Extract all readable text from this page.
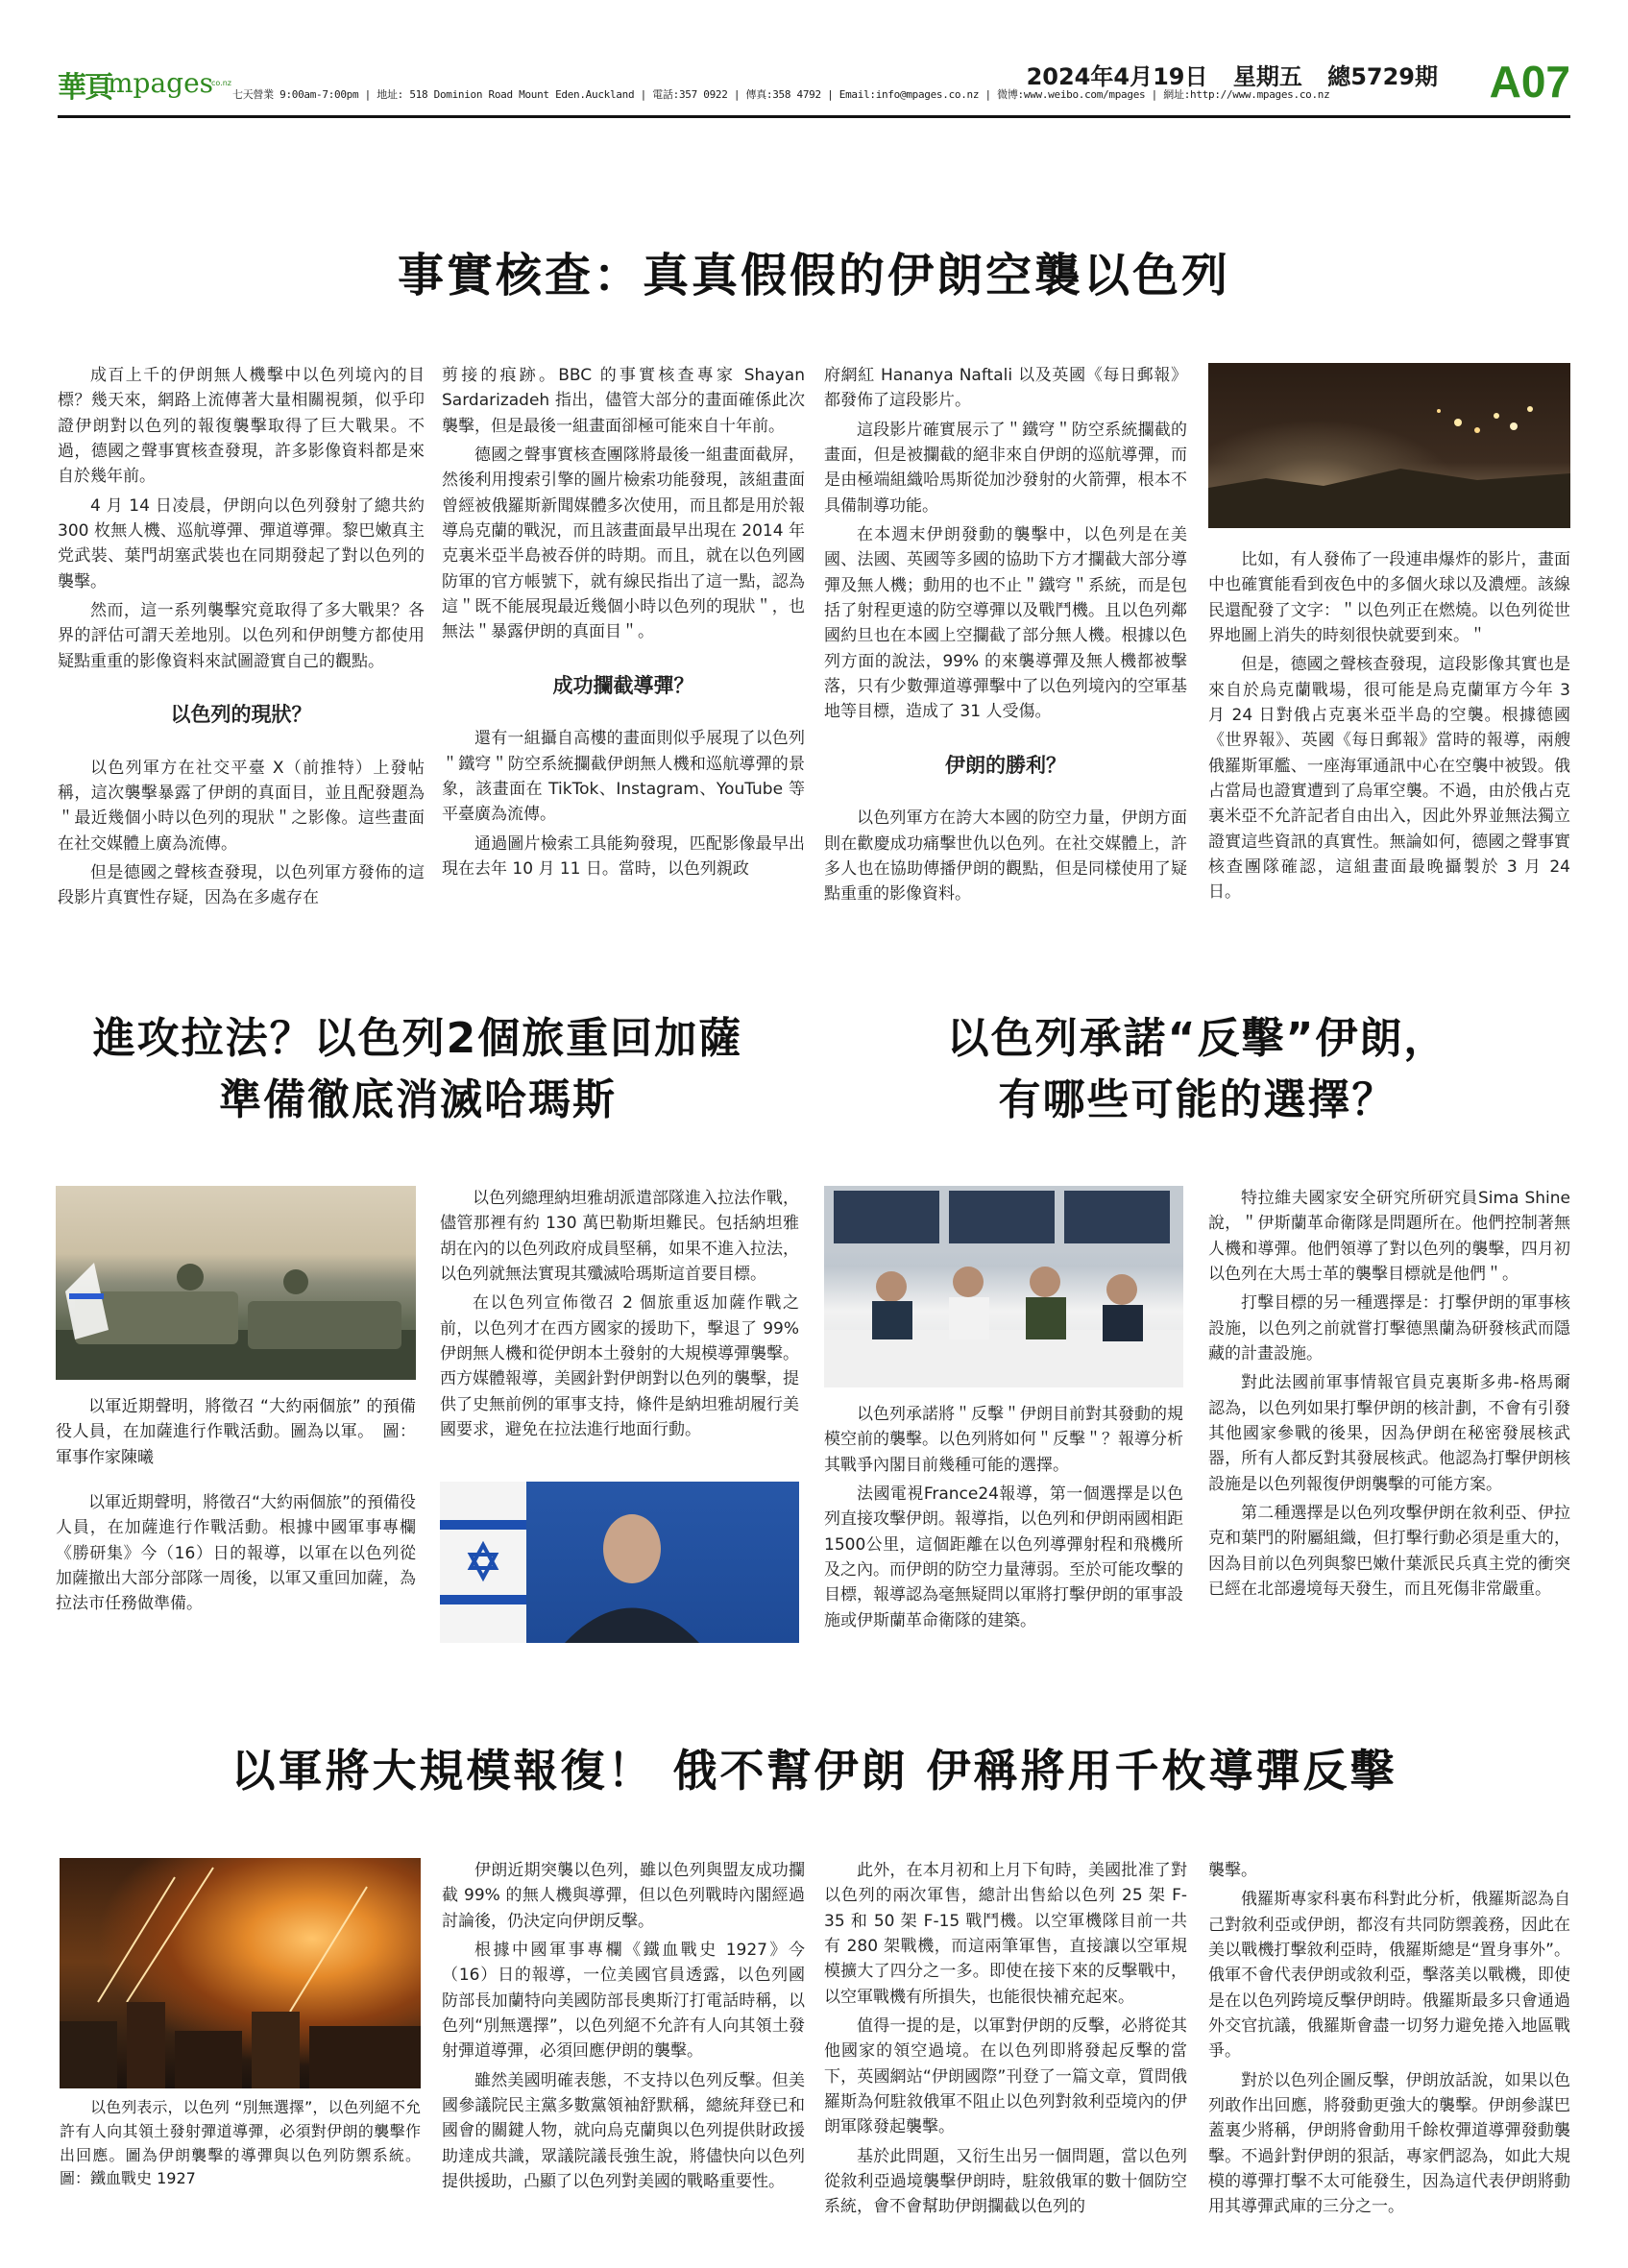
華頁
mpages
co.nz
七天營業 9:00am-7:00pm | 地址: 518 Dominion Road Mount Eden.Auckland | 電話:357 0922 | 傳真:358 4792 | Email:info@mpages.co.nz | 微博:www.weibo.com/mpages | 網址:http://www.mpages.co.nz
2024年4月19日 星期五 總5729期 A07
事實核查：真真假假的伊朗空襲以色列

成百上千的伊朗無人機擊中以色列境內的目標？幾天來，網路上流傳著大量相關視頻，似乎印證伊朗對以色列的報復襲擊取得了巨大戰果。不過，德國之聲事實核查發現，許多影像資料都是來自於幾年前。

4 月 14 日凌晨，伊朗向以色列發射了總共約 300 枚無人機、巡航導彈、彈道導彈。黎巴嫩真主党武裝、葉門胡塞武裝也在同期發起了對以色列的襲擊。

然而，這一系列襲擊究竟取得了多大戰果？各界的評估可謂天差地別。以色列和伊朗雙方都使用疑點重重的影像資料來試圖證實自己的觀點。

以色列的現狀？

以色列軍方在社交平臺 X（前推特）上發帖稱，這次襲擊暴露了伊朗的真面目，並且配發題為＂最近幾個小時以色列的現狀＂之影像。這些畫面在社交媒體上廣為流傳。

但是德國之聲核查發現，以色列軍方發佈的這段影片真實性存疑，因為在多處存在

剪接的痕跡。BBC 的事實核查專家 Shayan Sardarizadeh 指出，儘管大部分的畫面確係此次襲擊，但是最後一組畫面卻極可能來自十年前。

德國之聲事實核查團隊將最後一組畫面截屏，然後利用搜索引擎的圖片檢索功能發現，該組畫面曾經被俄羅斯新聞媒體多次使用，而且都是用於報導烏克蘭的戰況，而且該畫面最早出現在 2014 年克裏米亞半島被吞併的時期。而且，就在以色列國防軍的官方帳號下，就有線民指出了這一點，認為這＂既不能展現最近幾個小時以色列的現狀＂，也無法＂暴露伊朗的真面目＂。

成功攔截導彈？

還有一組攝自高樓的畫面則似乎展現了以色列＂鐵穹＂防空系統攔截伊朗無人機和巡航導彈的景象，該畫面在 TikTok、Instagram、YouTube 等平臺廣為流傳。

通過圖片檢索工具能夠發現，匹配影像最早出現在去年 10 月 11 日。當時，以色列親政

府網紅 Hananya Naftali 以及英國《每日郵報》都發佈了這段影片。

這段影片確實展示了＂鐵穹＂防空系統攔截的畫面，但是被攔截的絕非來自伊朗的巡航導彈，而是由極端組織哈馬斯從加沙發射的火箭彈，根本不具備制導功能。

在本週末伊朗發動的襲擊中，以色列是在美國、法國、英國等多國的協助下方才攔截大部分導彈及無人機；動用的也不止＂鐵穹＂系統，而是包括了射程更遠的防空導彈以及戰鬥機。且以色列鄰國約旦也在本國上空攔截了部分無人機。根據以色列方面的說法，99% 的來襲導彈及無人機都被擊落，只有少數彈道導彈擊中了以色列境內的空軍基地等目標，造成了 31 人受傷。

伊朗的勝利？

以色列軍方在誇大本國的防空力量，伊朗方面則在歡慶成功痛擊世仇以色列。在社交媒體上，許多人也在協助傳播伊朗的觀點，但是同樣使用了疑點重重的影像資料。

比如，有人發佈了一段連串爆炸的影片，畫面中也確實能看到夜色中的多個火球以及濃煙。該線民還配發了文字：＂以色列正在燃燒。以色列從世界地圖上消失的時刻很快就要到來。＂

但是，德國之聲核查發現，這段影像其實也是來自於烏克蘭戰場，很可能是烏克蘭軍方今年 3 月 24 日對俄占克裏米亞半島的空襲。根據德國《世界報》、英國《每日郵報》當時的報導，兩艘俄羅斯軍艦、一座海軍通訊中心在空襲中被毀。俄占當局也證實遭到了烏軍空襲。不過，由於俄占克裏米亞不允許記者自由出入，因此外界並無法獨立證實這些資訊的真實性。無論如何，德國之聲事實核查團隊確認，這組畫面最晚攝製於 3 月 24 日。

進攻拉法？以色列2個旅重回加薩
準備徹底消滅哈瑪斯

以軍近期聲明，將徵召 “大約兩個旅” 的預備役人員，在加薩進行作戰活動。圖為以軍。　圖：軍事作家陳曦

以軍近期聲明，將徵召“大約兩個旅”的預備役人員，在加薩進行作戰活動。根據中國軍事專欄《勝研集》今（16）日的報導，以軍在以色列從加薩撤出大部分部隊一周後，以軍又重回加薩，為拉法市任務做準備。

以色列總理納坦雅胡派遣部隊進入拉法作戰，儘管那裡有約 130 萬巴勒斯坦難民。包括納坦雅胡在內的以色列政府成員堅稱，如果不進入拉法，以色列就無法實現其殲滅哈瑪斯這首要目標。

在以色列宣佈徵召 2 個旅重返加薩作戰之前，以色列才在西方國家的援助下，擊退了 99% 伊朗無人機和從伊朗本土發射的大規模導彈襲擊。西方媒體報導，美國針對伊朗對以色列的襲擊，提供了史無前例的軍事支持，條件是納坦雅胡履行美國要求，避免在拉法進行地面行動。

以色列承諾“反擊”伊朗，
有哪些可能的選擇？

以色列承諾將＂反擊＂伊朗目前對其發動的規模空前的襲擊。以色列將如何＂反擊＂？報導分析其戰爭內閣目前幾種可能的選擇。

法國電視France24報導，第一個選擇是以色列直接攻擊伊朗。報導指，以色列和伊朗兩國相距1500公里，這個距離在以色列導彈射程和飛機所及之內。而伊朗的防空力量薄弱。至於可能攻擊的目標，報導認為毫無疑問以軍將打擊伊朗的軍事設施或伊斯蘭革命衛隊的建築。

特拉維夫國家安全研究所研究員Sima Shine說，＂伊斯蘭革命衛隊是問題所在。他們控制著無人機和導彈。他們領導了對以色列的襲擊，四月初以色列在大馬士革的襲擊目標就是他們＂。

打擊目標的另一種選擇是：打擊伊朗的軍事核設施，以色列之前就嘗打擊德黑蘭為研發核武而隱藏的計畫設施。

對此法國前軍事情報官員克裏斯多弗-格馬爾認為，以色列如果打擊伊朗的核計劃，不會有引發其他國家參戰的後果，因為伊朗在秘密發展核武器，所有人都反對其發展核武。他認為打擊伊朗核設施是以色列報復伊朗襲擊的可能方案。

第二種選擇是以色列攻擊伊朗在敘利亞、伊拉克和葉門的附屬組織，但打擊行動必須是重大的，因為目前以色列與黎巴嫩什葉派民兵真主党的衝突已經在北部邊境每天發生，而且死傷非常嚴重。

以軍將大規模報復！ 俄不幫伊朗 伊稱將用千枚導彈反擊

以色列表示，以色列 “別無選擇”，以色列絕不允許有人向其領土發射彈道導彈，必須對伊朗的襲擊作出回應。圖為伊朗襲擊的導彈與以色列防禦系統。 圖：鐵血戰史 1927

伊朗近期突襲以色列，雖以色列與盟友成功攔截 99% 的無人機與導彈，但以色列戰時內閣經過討論後，仍決定向伊朗反擊。

根據中國軍事專欄《鐵血戰史 1927》今（16）日的報導，一位美國官員透露，以色列國防部長加蘭特向美國防部長奧斯汀打電話時稱，以色列“別無選擇”，以色列絕不允許有人向其領土發射彈道導彈，必須回應伊朗的襲擊。

雖然美國明確表態，不支持以色列反擊。但美國參議院民主黨多數黨領袖舒默稱，總統拜登已和國會的關鍵人物，就向烏克蘭與以色列提供財政援助達成共識，眾議院議長強生說，將儘快向以色列提供援助，凸顯了以色列對美國的戰略重要性。

此外，在本月初和上月下旬時，美國批准了對以色列的兩次軍售，總計出售給以色列 25 架 F-35 和 50 架 F-15 戰鬥機。以空軍機隊目前一共有 280 架戰機，而這兩筆軍售，直接讓以空軍規模擴大了四分之一多。即使在接下來的反擊戰中，以空軍戰機有所損失，也能很快補充起來。

值得一提的是，以軍對伊朗的反擊，必將從其他國家的領空過境。在以色列即將發起反擊的當下，英國網站“伊朗國際”刊登了一篇文章，質問俄羅斯為何駐敘俄軍不阻止以色列對敘利亞境內的伊朗軍隊發起襲擊。

基於此問題，又衍生出另一個問題，當以色列從敘利亞過境襲擊伊朗時，駐敘俄軍的數十個防空系統，會不會幫助伊朗攔截以色列的

襲擊。

俄羅斯專家科裏布科對此分析，俄羅斯認為自己對敘利亞或伊朗，都沒有共同防禦義務，因此在美以戰機打擊敘利亞時，俄羅斯總是“置身事外”。俄軍不會代表伊朗或敘利亞，擊落美以戰機，即使是在以色列跨境反擊伊朗時。俄羅斯最多只會通過外交官抗議，俄羅斯會盡一切努力避免捲入地區戰爭。

對於以色列企圖反擊，伊朗放話說，如果以色列敢作出回應，將發動更強大的襲擊。伊朗參謀巴蓋裏少將稱，伊朗將會動用千餘枚彈道導彈發動襲擊。不過針對伊朗的狠話，專家們認為，如此大規模的導彈打擊不太可能發生，因為這代表伊朗將動用其導彈武庫的三分之一。
